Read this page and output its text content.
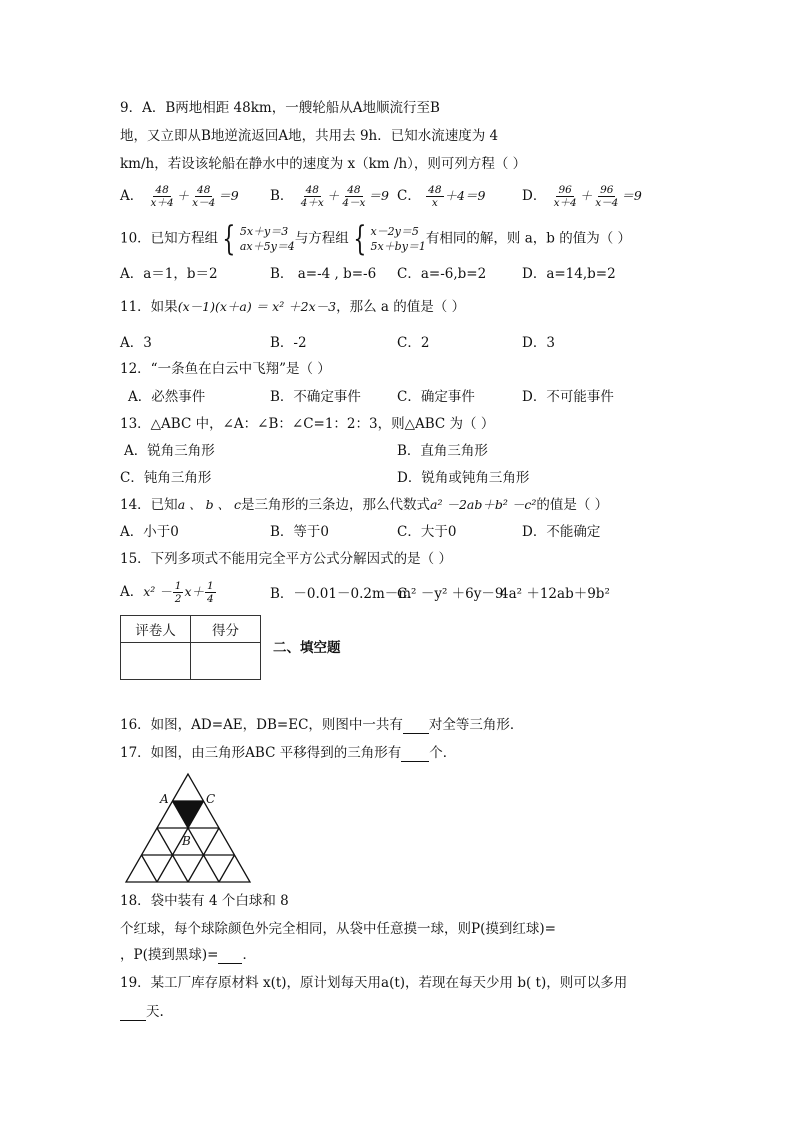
9．A．B两地相距 48km，一艘轮船从A地顺流行至B
地，又立即从B地逆流返回A地，共用去 9h．已知水流速度为 4
km/h，若设该轮船在静水中的速度为 x（km /h），则可列方程（ ）
A． $\frac{48}{x+4} + \frac{48}{x-4} =9$ B． $\frac{48}{4+x} + \frac{48}{4-x} =9$ C． $\frac{48}{x} +4=9$	D． $\frac{96}{x+4} + \frac{96}{x-4} =9$
10．已知方程组 { 5x＋y＝3
ax＋5y＝4 与方程组 { x－2y＝5
5x＋by＝1 有相同的解，则 a，b 的值为（ ）
A．a＝1，b＝2	B． a=-4 , b=-6 C．a=-6,b=2	D．a=14,b=2
11．如果(x－1)(x＋a) ＝ x² ＋2x－3，那么 a 的值是（ ）
A．3	B．-2	C．2	D．3
12．“一条鱼在白云中飞翔”是（ ）
A．必然事件	B．不确定事件	C．确定事件	D．不可能事件
13．△ABC 中，∠A：∠B：∠C=1：2：3，则△ABC 为（ ）
A．锐角三角形	B．直角三角形
C．钝角三角形	D．锐角或钝角三角形
14．已知a 、 b 、 c是三角形的三条边，那么代数式a² －2ab＋b² －c²的值是（ ）
A．小于0	B．等于0	C．大于0	D．不能确定
15．下列多项式不能用完全平方公式分解因式的是（ ）
A．$x^2 - \frac{1}{2} x+ \frac{1}{4}$	B．－0.01－0.2m－m²
C．－y² ＋6y－9
4a² ＋12ab＋9b²
评卷人	得分

二、填空题
16．如图，AD=AE，DB=EC，则图中一共有 对全等三角形．
17．如图，由三角形ABC 平移得到的三角形有 个．
A	C
B
18．袋中装有 4 个白球和 8
个红球，每个球除颜色外完全相同，从袋中任意摸一球，则P(摸到红球)=
，P(摸到黑球)= ．
19．某工厂库存原材料 x(t)，原计划每天用a(t)，若现在每天少用 b( t)，则可以多用
天.
